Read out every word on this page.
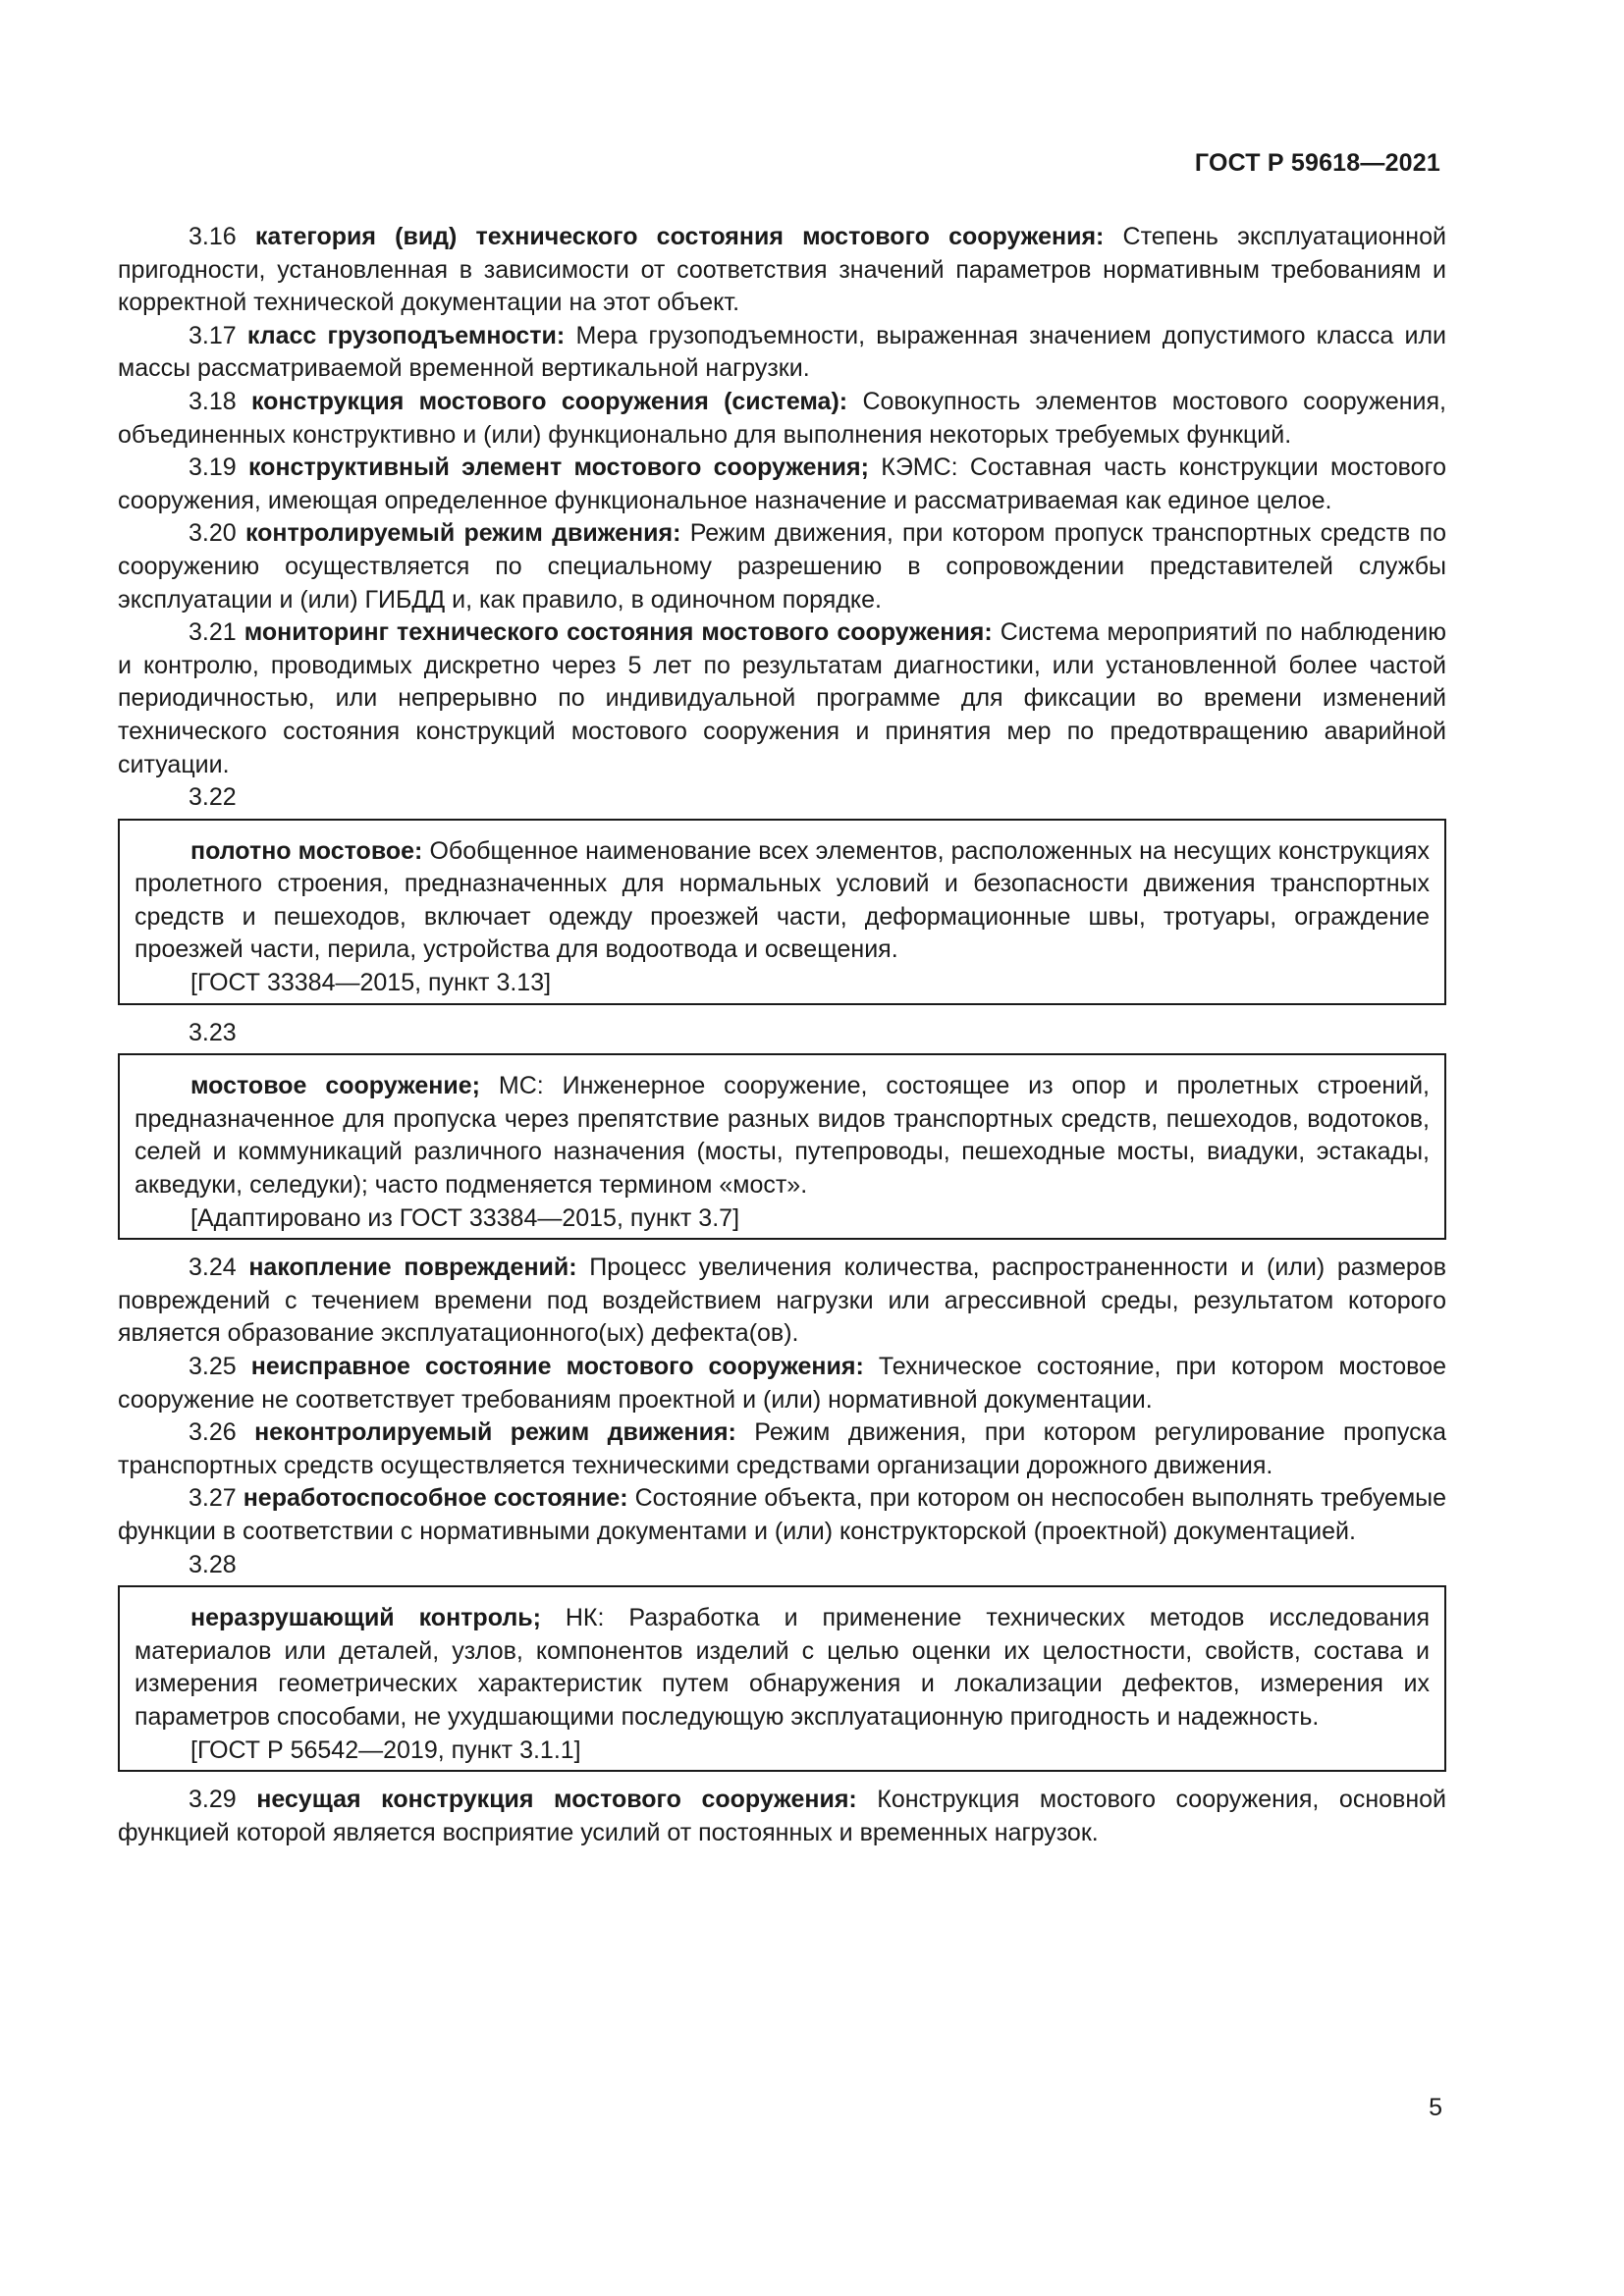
ГОСТ Р 59618—2021

3.16 категория (вид) технического состояния мостового сооружения: Степень эксплуатационной пригодности, установленная в зависимости от соответствия значений параметров нормативным требованиям и корректной технической документации на этот объект.

3.17 класс грузоподъемности: Мера грузоподъемности, выраженная значением допустимого класса или массы рассматриваемой временной вертикальной нагрузки.

3.18 конструкция мостового сооружения (система): Совокупность элементов мостового сооружения, объединенных конструктивно и (или) функционально для выполнения некоторых требуемых функций.

3.19 конструктивный элемент мостового сооружения; КЭМС: Составная часть конструкции мостового сооружения, имеющая определенное функциональное назначение и рассматриваемая как единое целое.

3.20 контролируемый режим движения: Режим движения, при котором пропуск транспортных средств по сооружению осуществляется по специальному разрешению в сопровождении представителей службы эксплуатации и (или) ГИБДД и, как правило, в одиночном порядке.

3.21 мониторинг технического состояния мостового сооружения: Система мероприятий по наблюдению и контролю, проводимых дискретно через 5 лет по результатам диагностики, или установленной более частой периодичностью, или непрерывно по индивидуальной программе для фиксации во времени изменений технического состояния конструкций мостового сооружения и принятия мер по предотвращению аварийной ситуации.

3.22

полотно мостовое: Обобщенное наименование всех элементов, расположенных на несущих конструкциях пролетного строения, предназначенных для нормальных условий и безопасности движения транспортных средств и пешеходов, включает одежду проезжей части, деформационные швы, тротуары, ограждение проезжей части, перила, устройства для водоотвода и освещения.

[ГОСТ 33384—2015, пункт 3.13]

3.23

мостовое сооружение; МС: Инженерное сооружение, состоящее из опор и пролетных строений, предназначенное для пропуска через препятствие разных видов транспортных средств, пешеходов, водотоков, селей и коммуникаций различного назначения (мосты, путепроводы, пешеходные мосты, виадуки, эстакады, акведуки, селедуки); часто подменяется термином «мост».

[Адаптировано из ГОСТ 33384—2015, пункт 3.7]

3.24 накопление повреждений: Процесс увеличения количества, распространенности и (или) размеров повреждений с течением времени под воздействием нагрузки или агрессивной среды, результатом которого является образование эксплуатационного(ых) дефекта(ов).

3.25 неисправное состояние мостового сооружения: Техническое состояние, при котором мостовое сооружение не соответствует требованиям проектной и (или) нормативной документации.

3.26 неконтролируемый режим движения: Режим движения, при котором регулирование пропуска транспортных средств осуществляется техническими средствами организации дорожного движения.

3.27 неработоспособное состояние: Состояние объекта, при котором он неспособен выполнять требуемые функции в соответствии с нормативными документами и (или) конструкторской (проектной) документацией.

3.28

неразрушающий контроль; НК: Разработка и применение технических методов исследования материалов или деталей, узлов, компонентов изделий с целью оценки их целостности, свойств, состава и измерения геометрических характеристик путем обнаружения и локализации дефектов, измерения их параметров способами, не ухудшающими последующую эксплуатационную пригодность и надежность.

[ГОСТ Р 56542—2019, пункт 3.1.1]

3.29 несущая конструкция мостового сооружения: Конструкция мостового сооружения, основной функцией которой является восприятие усилий от постоянных и временных нагрузок.

5
